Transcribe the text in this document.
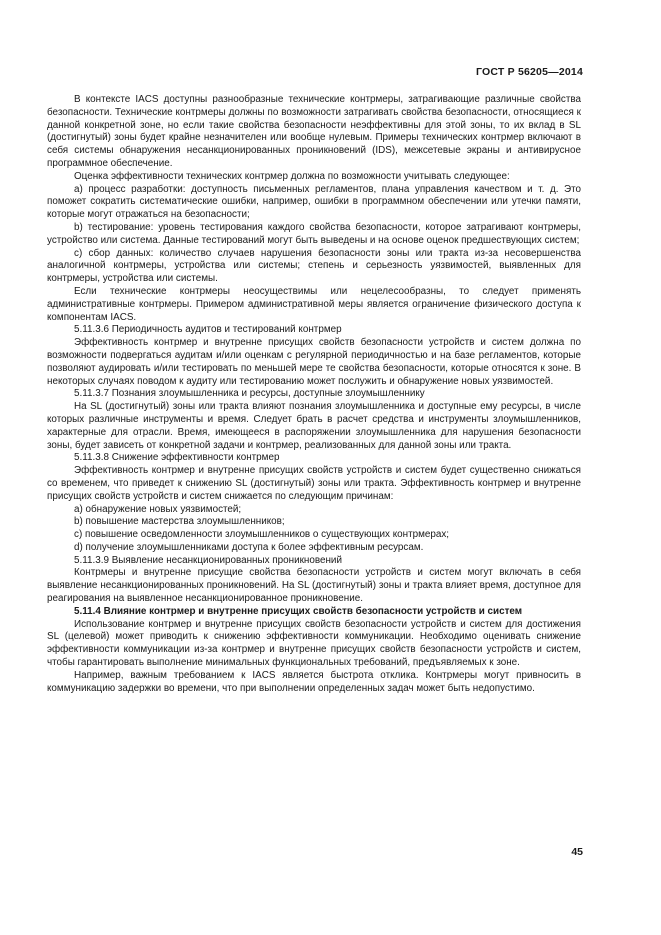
ГОСТ Р 56205—2014

В контексте IACS доступны разнообразные технические контрмеры, затрагивающие различные свойства безопасности. Технические контрмеры должны по возможности затрагивать свойства безопасности, относящиеся к данной конкретной зоне, но если такие свойства безопасности неэффективны для этой зоны, то их вклад в SL (достигнутый) зоны будет крайне незначителен или вообще нулевым. Примеры технических контрмер включают в себя системы обнаружения несанкционированных проникновений (IDS), межсетевые экраны и антивирусное программное обеспечение.

Оценка эффективности технических контрмер должна по возможности учитывать следующее:

a) процесс разработки: доступность письменных регламентов, плана управления качеством и т. д. Это поможет сократить систематические ошибки, например, ошибки в программном обеспечении или утечки памяти, которые могут отражаться на безопасности;

b) тестирование: уровень тестирования каждого свойства безопасности, которое затрагивают контрмеры, устройство или система. Данные тестирований могут быть выведены и на основе оценок предшествующих систем;

c) сбор данных: количество случаев нарушения безопасности зоны или тракта из-за несовершенства аналогичной контрмеры, устройства или системы; степень и серьезность уязвимостей, выявленных для контрмеры, устройства или системы.

Если технические контрмеры неосуществимы или нецелесообразны, то следует применять административные контрмеры. Примером административной меры является ограничение физического доступа к компонентам IACS.

5.11.3.6 Периодичность аудитов и тестирований контрмер

Эффективность контрмер и внутренне присущих свойств безопасности устройств и систем должна по возможности подвергаться аудитам и/или оценкам с регулярной периодичностью и на базе регламентов, которые позволяют аудировать и/или тестировать по меньшей мере те свойства безопасности, которые относятся к зоне. В некоторых случаях поводом к аудиту или тестированию может послужить и обнаружение новых уязвимостей.

5.11.3.7 Познания злоумышленника и ресурсы, доступные злоумышленнику

На SL (достигнутый) зоны или тракта влияют познания злоумышленника и доступные ему ресурсы, в числе которых различные инструменты и время. Следует брать в расчет средства и инструменты злоумышленников, характерные для отрасли. Время, имеющееся в распоряжении злоумышленника для нарушения безопасности зоны, будет зависеть от конкретной задачи и контрмер, реализованных для данной зоны или тракта.

5.11.3.8 Снижение эффективности контрмер

Эффективность контрмер и внутренне присущих свойств устройств и систем будет существенно снижаться со временем, что приведет к снижению SL (достигнутый) зоны или тракта. Эффективность контрмер и внутренне присущих свойств устройств и систем снижается по следующим причинам:

a) обнаружение новых уязвимостей;

b) повышение мастерства злоумышленников;

c) повышение осведомленности злоумышленников о существующих контрмерах;

d) получение злоумышленниками доступа к более эффективным ресурсам.

5.11.3.9 Выявление несанкционированных проникновений

Контрмеры и внутренне присущие свойства безопасности устройств и систем могут включать в себя выявление несанкционированных проникновений. На SL (достигнутый) зоны и тракта влияет время, доступное для реагирования на выявленное несанкционированное проникновение.

5.11.4 Влияние контрмер и внутренне присущих свойств безопасности устройств и систем

Использование контрмер и внутренне присущих свойств безопасности устройств и систем для достижения SL (целевой) может приводить к снижению эффективности коммуникации. Необходимо оценивать снижение эффективности коммуникации из-за контрмер и внутренне присущих свойств безопасности устройств и систем, чтобы гарантировать выполнение минимальных функциональных требований, предъявляемых к зоне.

Например, важным требованием к IACS является быстрота отклика. Контрмеры могут привносить в коммуникацию задержки во времени, что при выполнении определенных задач может быть недопустимо.

45
